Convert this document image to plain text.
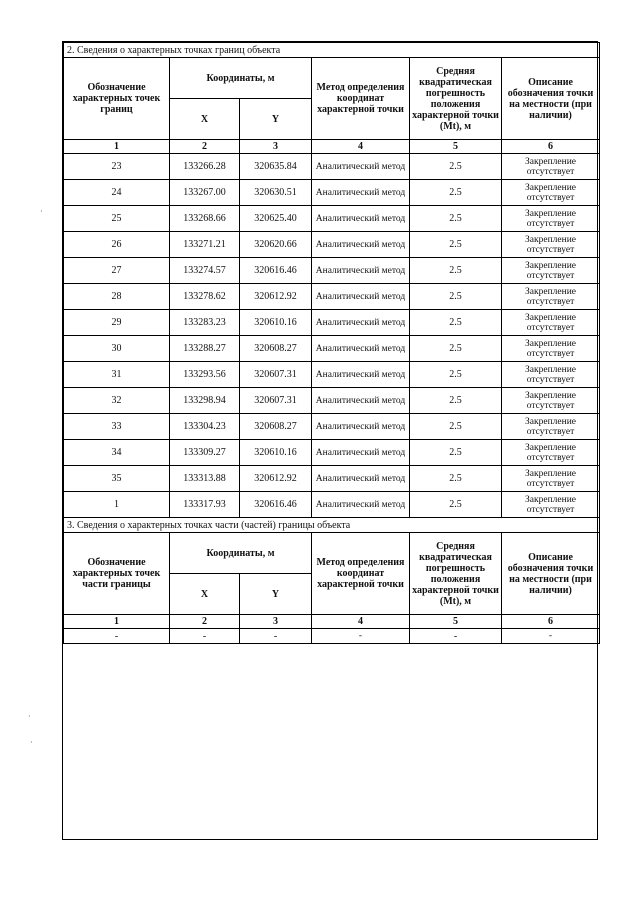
2. Сведения о характерных точках границ объекта					
Обозначение характерных точек границ	Координаты, м		Метод определения координат характерной точки	Средняя квадратическая погрешность положения характерной точки (Mt), м	Описание обозначения точки на местности (при наличии)
	X	Y			
1	2	3	4	5	6
23	133266.28	320635.84	Аналитический метод	2.5	Закрепление отсутствует
24	133267.00	320630.51	Аналитический метод	2.5	Закрепление отсутствует
25	133268.66	320625.40	Аналитический метод	2.5	Закрепление отсутствует
26	133271.21	320620.66	Аналитический метод	2.5	Закрепление отсутствует
27	133274.57	320616.46	Аналитический метод	2.5	Закрепление отсутствует
28	133278.62	320612.92	Аналитический метод	2.5	Закрепление отсутствует
29	133283.23	320610.16	Аналитический метод	2.5	Закрепление отсутствует
30	133288.27	320608.27	Аналитический метод	2.5	Закрепление отсутствует
31	133293.56	320607.31	Аналитический метод	2.5	Закрепление отсутствует
32	133298.94	320607.31	Аналитический метод	2.5	Закрепление отсутствует
33	133304.23	320608.27	Аналитический метод	2.5	Закрепление отсутствует
34	133309.27	320610.16	Аналитический метод	2.5	Закрепление отсутствует
35	133313.88	320612.92	Аналитический метод	2.5	Закрепление отсутствует
1	133317.93	320616.46	Аналитический метод	2.5	Закрепление отсутствует
3. Сведения о характерных точках части (частей) границы объекта					
Обозначение характерных точек части границы	Координаты, м		Метод определения координат характерной точки	Средняя квадратическая погрешность положения характерной точки (Mt), м	Описание обозначения точки на местности (при наличии)
	X	Y			
1	2	3	4	5	6
-	-	-	-	-	-
·
·
·
